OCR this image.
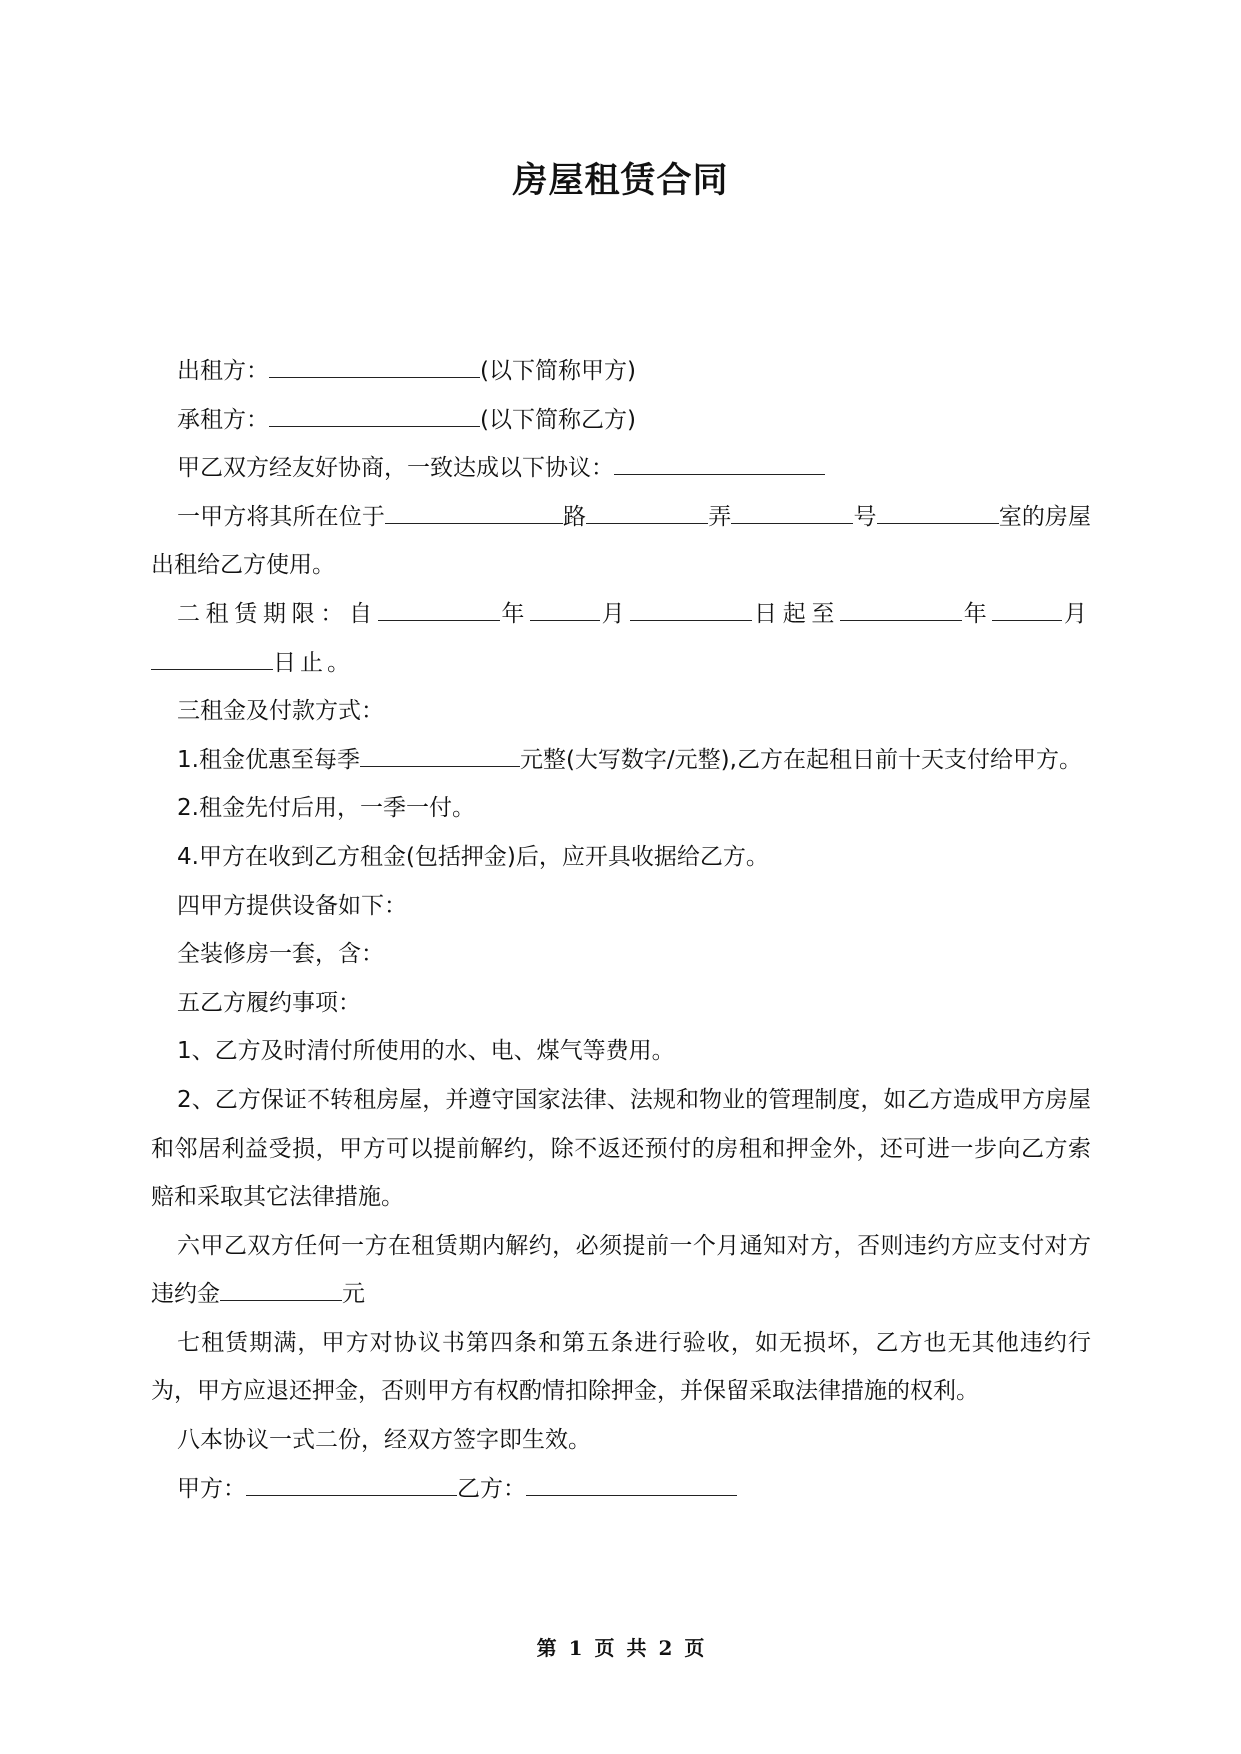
房屋租赁合同

出租方：	(以下简称甲方)

承租方：	(以下简称乙方)

甲乙双方经友好协商，一致达成以下协议：

一甲方将其所在位于	路	弄	号	室的房屋出租给乙方使用。

二租赁期限：自	年	月	日起至	年	月日止。

三租金及付款方式：

1.租金优惠至每季	元整(大写数字/元整),乙方在起租日前十天支付给甲方。

2.租金先付后用，一季一付。

4.甲方在收到乙方租金(包括押金)后，应开具收据给乙方。

四甲方提供设备如下：

全装修房一套，含：

五乙方履约事项：

1、乙方及时清付所使用的水、电、煤气等费用。

2、乙方保证不转租房屋，并遵守国家法律、法规和物业的管理制度，如乙方造成甲方房屋和邻居利益受损，甲方可以提前解约，除不返还预付的房租和押金外，还可进一步向乙方索赔和采取其它法律措施。

六甲乙双方任何一方在租赁期内解约，必须提前一个月通知对方，否则违约方应支付对方违约金	元

七租赁期满，甲方对协议书第四条和第五条进行验收，如无损坏，乙方也无其他违约行为，甲方应退还押金，否则甲方有权酌情扣除押金，并保留采取法律措施的权利。

八本协议一式二份，经双方签字即生效。

甲方：	乙方：

第 1 页 共 2 页
